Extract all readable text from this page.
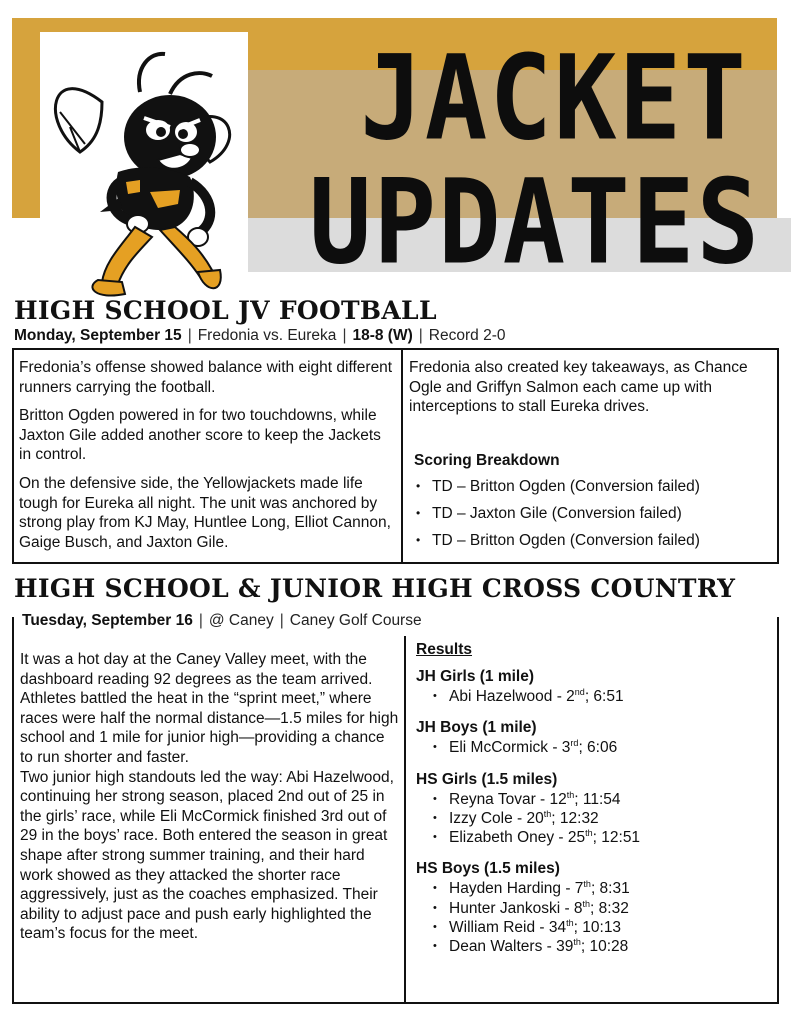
JACKET
UPDATES
HIGH SCHOOL JV FOOTBALL
Monday, September 15 | Fredonia vs. Eureka | 18-8 (W) | Record 2-0

Fredonia’s offense showed balance with eight different runners carrying the football.

Britton Ogden powered in for two touchdowns, while Jaxton Gile added another score to keep the Jackets in control.

On the defensive side, the Yellowjackets made life tough for Eureka all night. The unit was anchored by strong play from KJ May, Huntlee Long, Elliot Cannon, Gaige Busch, and Jaxton Gile.

Fredonia also created key takeaways, as Chance Ogle and Griffyn Salmon each came up with interceptions to stall Eureka drives.

Scoring Breakdown
• TD – Britton Ogden (Conversion failed)
• TD – Jaxton Gile (Conversion failed)
• TD – Britton Ogden (Conversion failed)
HIGH SCHOOL & JUNIOR HIGH CROSS COUNTRY
Tuesday, September 16 | @ Caney | Caney Golf Course
It was a hot day at the Caney Valley meet, with the dashboard reading 92 degrees as the team arrived. Athletes battled the heat in the “sprint meet,” where races were half the normal distance—1.5 miles for high school and 1 mile for junior high—providing a chance to run shorter and faster.
Two junior high standouts led the way: Abi Hazelwood, continuing her strong season, placed 2nd out of 25 in the girls’ race, while Eli McCormick finished 3rd out of 29 in the boys’ race. Both entered the season in great shape after strong summer training, and their hard work showed as they attacked the shorter race aggressively, just as the coaches emphasized. Their ability to adjust pace and push early highlighted the team’s focus for the meet.
Results
JH Girls (1 mile)
• Abi Hazelwood - 2nd; 6:51
JH Boys (1 mile)
• Eli McCormick - 3rd; 6:06
HS Girls (1.5 miles)
• Reyna Tovar - 12th; 11:54
• Izzy Cole - 20th; 12:32
• Elizabeth Oney - 25th; 12:51
HS Boys (1.5 miles)
• Hayden Harding - 7th; 8:31
• Hunter Jankoski - 8th; 8:32
• William Reid - 34th; 10:13
• Dean Walters - 39th; 10:28
